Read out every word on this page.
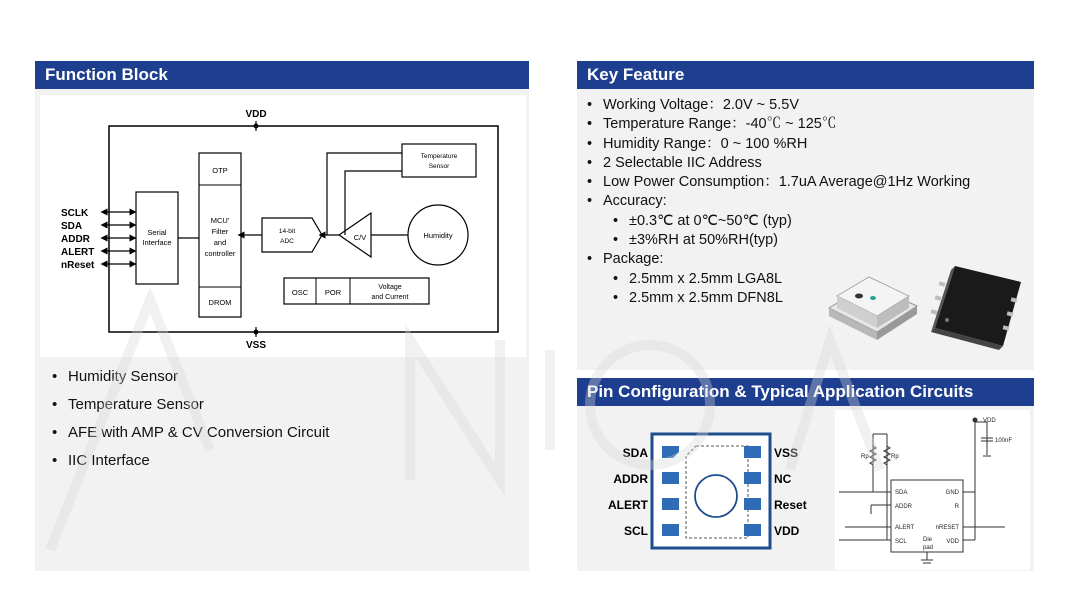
Function Block
VDD
VSS
SCLK
SDA
ADDR
ALERT
nReset
Serial
Interface
OTP
MCU'
Filter
and
controller
DROM
14-bit
ADC	C/V	Humidity
Temperature
Sensor
OSC POR
Voltage
and Current
• Humidity Sensor
• Temperature Sensor
• AFE with AMP & CV Conversion Circuit
• IIC Interface
Key Feature
• Working Voltage：2.0V ~ 5.5V
• Temperature Range：-40℃ ~ 125℃
• Humidity Range：0 ~ 100 %RH
• 2 Selectable IIC Address
• Low Power Consumption：1.7uA Average@1Hz Working
• Accuracy:
• ±0.3℃ at 0℃~50℃ (typ)
• ±3%RH at 50%RH(typ)
• Package:
• 2.5mm x 2.5mm LGA8L
• 2.5mm x 2.5mm DFN8L
Pin Configuration & Typical Application Circuits
SDA
ADDR
ALERT
SCL
VSS
NC
Reset
VDD
VDD
100nF
Rp	Rp
SDA
ADDR
ALERT
SCL
GND
R
nRESET
VDD
Die
pad
